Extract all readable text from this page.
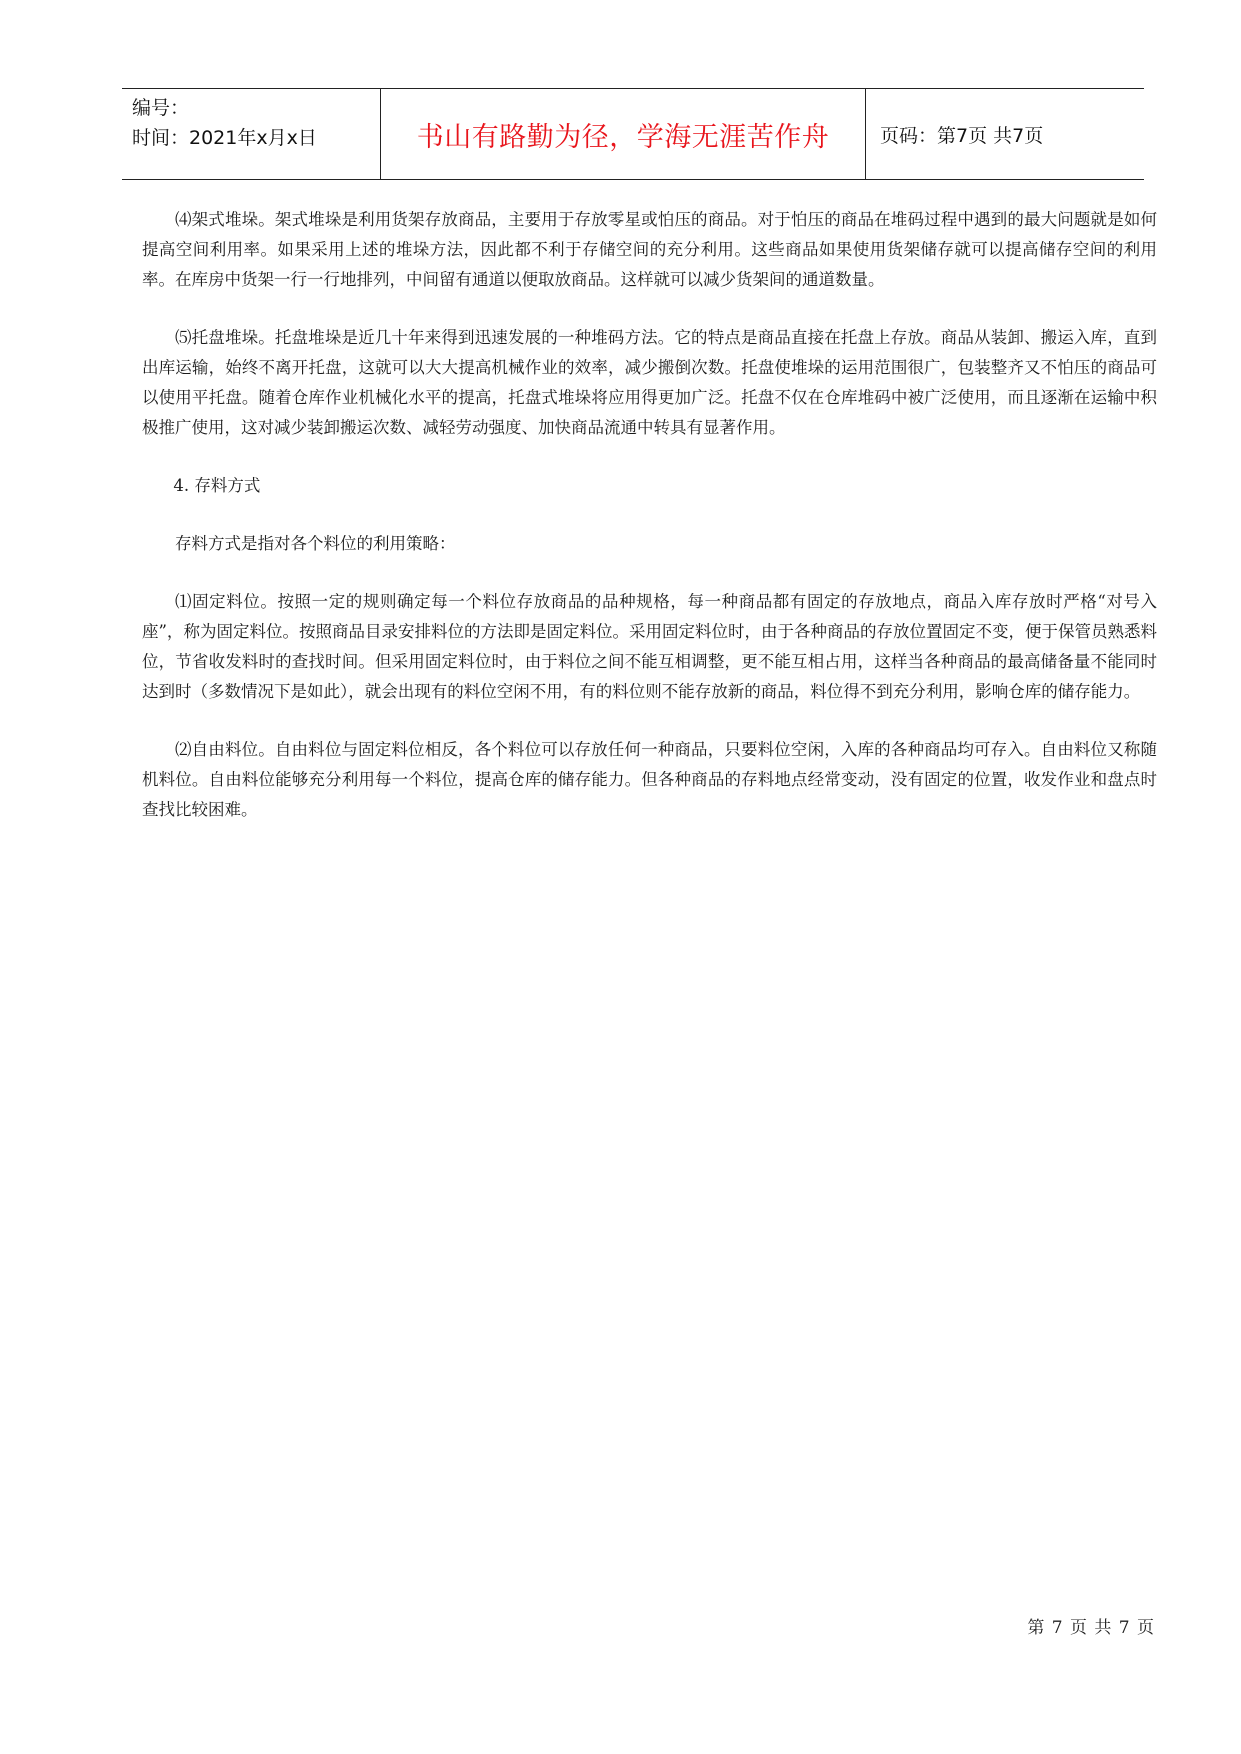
编号：
时间：2021年x月x日	书山有路勤为径，学海无涯苦作舟	页码：第7页 共7页

⑷架式堆垛。架式堆垛是利用货架存放商品，主要用于存放零星或怕压的商品。对于怕压的商品在堆码过程中遇到的最大问题就是如何提高空间利用率。如果采用上述的堆垛方法，因此都不利于存储空间的充分利用。这些商品如果使用货架储存就可以提高储存空间的利用率。在库房中货架一行一行地排列，中间留有通道以便取放商品。这样就可以减少货架间的通道数量。

⑸托盘堆垛。托盘堆垛是近几十年来得到迅速发展的一种堆码方法。它的特点是商品直接在托盘上存放。商品从装卸、搬运入库，直到出库运输，始终不离开托盘，这就可以大大提高机械作业的效率，减少搬倒次数。托盘使堆垛的运用范围很广，包装整齐又不怕压的商品可以使用平托盘。随着仓库作业机械化水平的提高，托盘式堆垛将应用得更加广泛。托盘不仅在仓库堆码中被广泛使用，而且逐渐在运输中积极推广使用，这对减少装卸搬运次数、减轻劳动强度、加快商品流通中转具有显著作用。

4. 存料方式

存料方式是指对各个料位的利用策略：

⑴固定料位。按照一定的规则确定每一个料位存放商品的品种规格，每一种商品都有固定的存放地点，商品入库存放时严格“对号入座”，称为固定料位。按照商品目录安排料位的方法即是固定料位。采用固定料位时，由于各种商品的存放位置固定不变，便于保管员熟悉料位，节省收发料时的查找时间。但采用固定料位时，由于料位之间不能互相调整，更不能互相占用，这样当各种商品的最高储备量不能同时达到时（多数情况下是如此），就会出现有的料位空闲不用，有的料位则不能存放新的商品，料位得不到充分利用，影响仓库的储存能力。

⑵自由料位。自由料位与固定料位相反，各个料位可以存放任何一种商品，只要料位空闲，入库的各种商品均可存入。自由料位又称随机料位。自由料位能够充分利用每一个料位，提高仓库的储存能力。但各种商品的存料地点经常变动，没有固定的位置，收发作业和盘点时查找比较困难。

第 7 页 共 7 页
